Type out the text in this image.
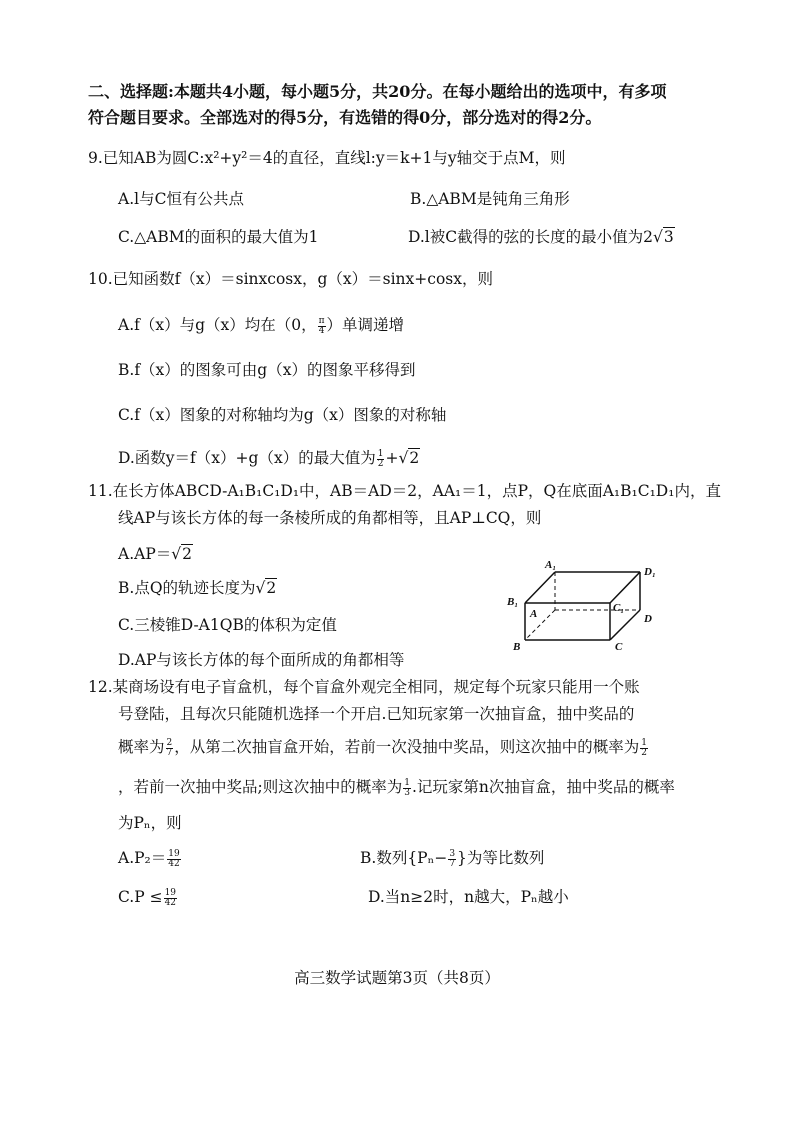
二、选择题:本题共4小题，每小题5分，共20分。在每小题给出的选项中，有多项
符合题目要求。全部选对的得5分，有选错的得0分，部分选对的得2分。
9.已知AB为圆C:x²+y²＝4的直径，直线l:y＝k+1与y轴交于点M，则
A.l与C恒有公共点	B.△ABM是钝角三角形
C.△ABM的面积的最大值为1	D.l被C截得的弦的长度的最小值为2√3
10.已知函数f（x）＝sinxcosx，g（x）＝sinx+cosx，则
A.f（x）与g（x）均在（0， $\frac{\pi}{4}$ ）单调递增
B.f（x）的图象可由g（x）的图象平移得到
C.f（x）图象的对称轴均为g（x）图象的对称轴
D.函数y＝f（x）+g（x）的最大值为 $\frac{1}{2} +√2$
11.在长方体ABCD-A₁B₁C₁D₁中，AB＝AD＝2，AA₁＝1，点P，Q在底面A₁B₁C₁D₁内，直
线AP与该长方体的每一条棱所成的角都相等，且AP⊥CQ，则
A.AP＝√2
B.点Q的轨迹长度为√2
C.三棱锥D-A1QB的体积为定值
D.AP与该长方体的每个面所成的角都相等
A₁
D₁
B₁
A	C₁
D
B	C
12.某商场设有电子盲盒机，每个盲盒外观完全相同，规定每个玩家只能用一个账
号登陆，且每次只能随机选择一个开启.已知玩家第一次抽盲盒，抽中奖品的
概率为 $\frac{2}{7}$ ，从第二次抽盲盒开始，若前一次没抽中奖品，则这次抽中的概率为 $\frac{1}{2}$
，若前一次抽中奖品;则这次抽中的概率为 $\frac{1}{3}$ .记玩家第n次抽盲盒，抽中奖品的概率
为Pₙ，则
$A.P_2= \frac{19}{42}$	B.数列{$P_n- \frac{3}{7}$ }为等比数列
$C.P \le \frac{19}{42}$	D.当n≥2时，n越大，Pₙ越小
高三数学试题第3页（共8页）
